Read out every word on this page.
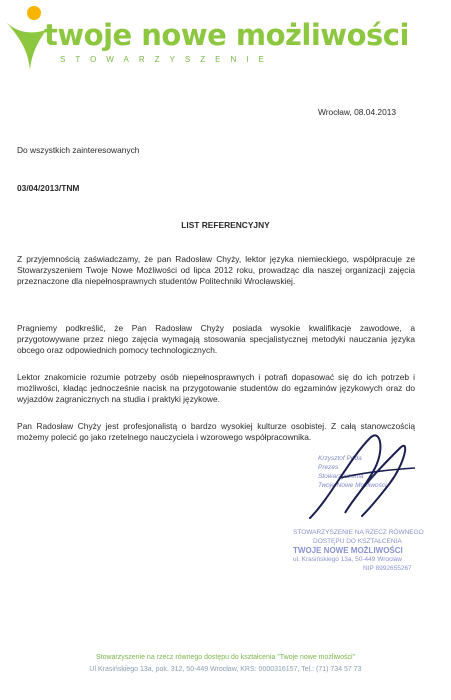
twoje nowe możliwości
STOWARZYSZENIE
Wrocław, 08.04.2013
Do wszystkich zainteresowanych
03/04/2013/TNM
LIST REFERENCYJNY
Z przyjemnością zaświadczamy, że pan Radosław Chyży, lektor języka niemieckiego, współpracuje ze Stowarzyszeniem Twoje Nowe Możliwości od lipca 2012 roku, prowadząc dla naszej organizacji zajęcia przeznaczone dla niepełnosprawnych studentów Politechniki Wrocławskiej.
Pragniemy podkreślić, że Pan Radosław Chyży posiada wysokie kwalifikacje zawodowe, a przygotowywane przez niego zajęcia wymagają stosowania specjalistycznej metodyki nauczania języka obcego oraz odpowiednich pomocy technologicznych.
Lektor znakomicie rozumie potrzeby osób niepełnosprawnych i potrafi dopasować się do ich potrzeb i możliwości, kładąc jednocześnie nacisk na przygotowanie studentów do egzaminów językowych oraz do wyjazdów zagranicznych na studia i praktyki językowe.
Pan Radosław Chyży jest profesjonalistą o bardzo wysokiej kulturze osobistej. Z całą stanowczością możemy polecić go jako rzetelnego nauczyciela i wzorowego współpracownika.
Krzysztof Peda
Prezes
Stowarzyszenia
Twoje Nowe Możliwości
STOWARZYSZENIE NA RZECZ RÓWNEGO
DOSTĘPU DO KSZTAŁCENIA
TWOJE NOWE MOŻLIWOŚCI
ul. Krasińskiego 13a, 50-449 Wrocław
NIP 8992655267
Stowarzyszenie na rzecz równego dostępu do kształcenia "Twoje nowe możliwości"
Ul Krasińskiego 13a, pok. 312, 50-449 Wrocław, KRS: 0000316157, Tel.: (71) 734 57 73
